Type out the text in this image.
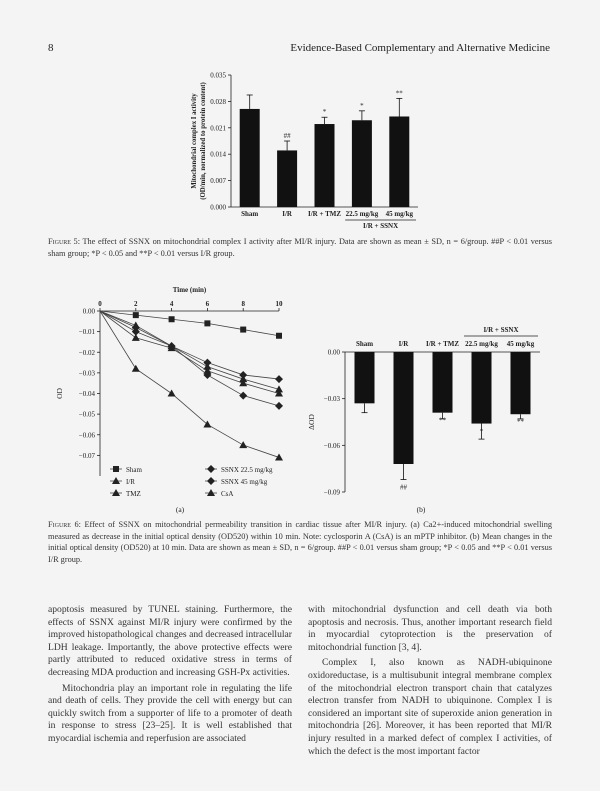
8	Evidence-Based Complementary and Alternative Medicine
0.000
0.007
0.014
0.021
0.028
0.035
Mitochondrial complex I activity (OD/min, normalized to protein content)
Sham
##
I/R
*
I/R + TMZ
*
22.5 mg/kg
**
45 mg/kg
I/R + SSNX
Figure 5: The effect of SSNX on mitochondrial complex I activity after MI/R injury. Data are shown as mean ± SD, n = 6/group. ##P < 0.01 versus sham group; *P < 0.05 and **P < 0.01 versus I/R group.
0.00
−0.01
−0.02
−0.03
−0.04
−0.05
−0.06
−0.07
0	2	4	6	8	10
Time (min)
OD
Sham
I/R
TMZ
SSNX 22.5 mg/kg
SSNX 45 mg/kg
CsA
(a)
0.00
−0.03
−0.06
−0.09
ΔOD
Sham
##
I/R
**
I/R + TMZ
*
22.5 mg/kg
**
45 mg/kg
I/R + SSNX
(b)
Figure 6: Effect of SSNX on mitochondrial permeability transition in cardiac tissue after MI/R injury. (a) Ca2+-induced mitochondrial swelling measured as decrease in the initial optical density (OD520) within 10 min. Note: cyclosporin A (CsA) is an mPTP inhibitor. (b) Mean changes in the initial optical density (OD520) at 10 min. Data are shown as mean ± SD, n = 6/group. ##P < 0.01 versus sham group; *P < 0.05 and **P < 0.01 versus I/R group.

apoptosis measured by TUNEL staining. Furthermore, the effects of SSNX against MI/R injury were confirmed by the improved histopathological changes and decreased intracellular LDH leakage. Importantly, the above protective effects were partly attributed to reduced oxidative stress in terms of decreasing MDA production and increasing GSH-Px activities.

Mitochondria play an important role in regulating the life and death of cells. They provide the cell with energy but can quickly switch from a supporter of life to a promoter of death in response to stress [23–25]. It is well established that myocardial ischemia and reperfusion are associated

with mitochondrial dysfunction and cell death via both apoptosis and necrosis. Thus, another important research field in myocardial cytoprotection is the preservation of mitochondrial function [3, 4].

Complex I, also known as NADH-ubiquinone oxidoreductase, is a multisubunit integral membrane complex of the mitochondrial electron transport chain that catalyzes electron transfer from NADH to ubiquinone. Complex I is considered an important site of superoxide anion generation in mitochondria [26]. Moreover, it has been reported that MI/R injury resulted in a marked defect of complex I activities, of which the defect is the most important factor
